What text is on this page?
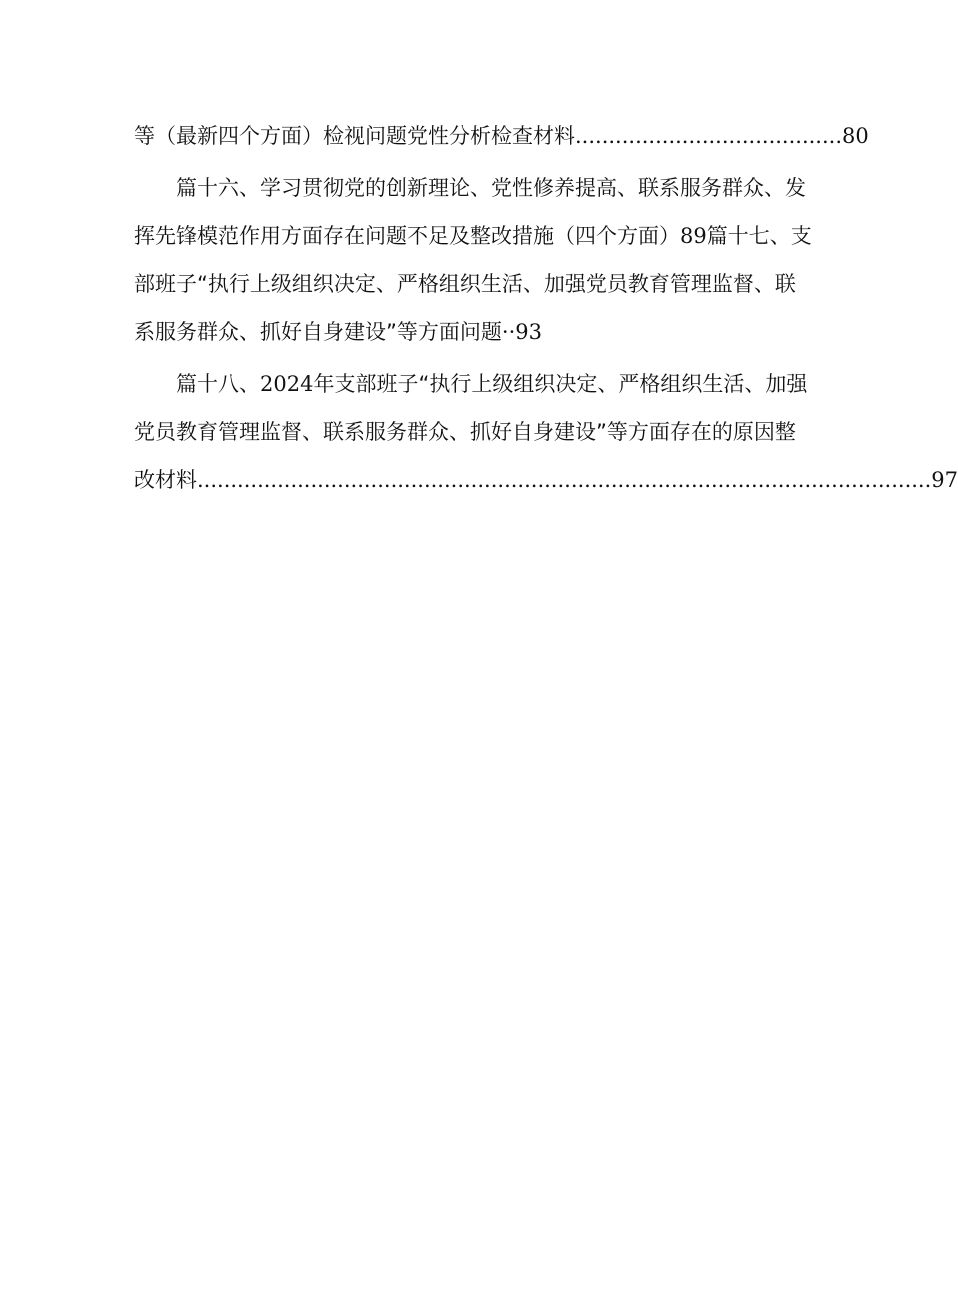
等（最新四个方面）检视问题党性分析检查材料........................................80
篇十六、学习贯彻党的创新理论、党性修养提高、联系服务群众、发
挥先锋模范作用方面存在问题不足及整改措施（四个方面）89篇十七、支
部班子“执行上级组织决定、严格组织生活、加强党员教育管理监督、联
系服务群众、抓好自身建设”等方面问题··93
篇十八、2024年支部班子“执行上级组织决定、严格组织生活、加强
党员教育管理监督、联系服务群众、抓好自身建设”等方面存在的原因整
改材料..............................................................................................................97
